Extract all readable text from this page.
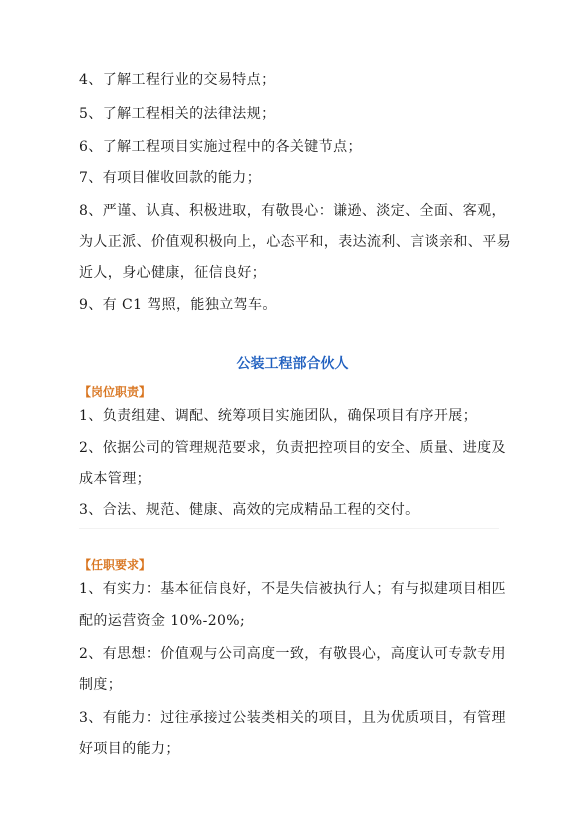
4、了解工程行业的交易特点；
5、了解工程相关的法律法规；
6、了解工程项目实施过程中的各关键节点；
7、有项目催收回款的能力；
8、严谨、认真、积极进取，有敬畏心：谦逊、淡定、全面、客观，
为人正派、价值观积极向上，心态平和，表达流利、言谈亲和、平易
近人，身心健康，征信良好；
9、有 C1 驾照，能独立驾车。
公装工程部合伙人
【岗位职责】
1、负责组建、调配、统筹项目实施团队，确保项目有序开展；
2、依据公司的管理规范要求，负责把控项目的安全、质量、进度及
成本管理；
3、合法、规范、健康、高效的完成精品工程的交付。
【任职要求】
1、有实力：基本征信良好，不是失信被执行人；有与拟建项目相匹
配的运营资金 10%-20%;
2、有思想：价值观与公司高度一致，有敬畏心，高度认可专款专用
制度；
3、有能力：过往承接过公装类相关的项目，且为优质项目，有管理
好项目的能力；
